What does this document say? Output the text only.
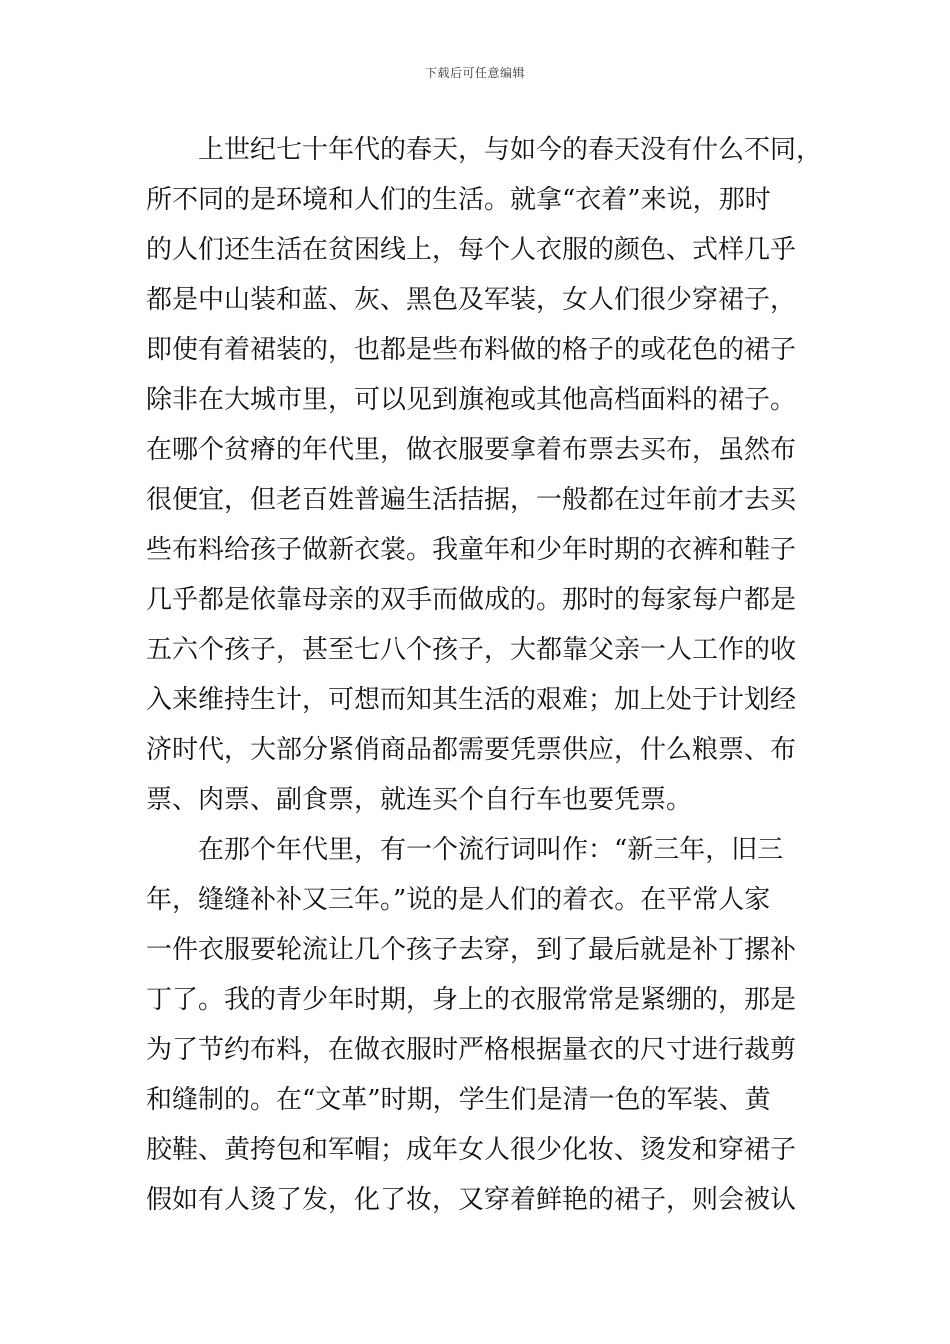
下载后可任意编辑
上世纪七十年代的春天，与如今的春天没有什么不同，
所不同的是环境和人们的生活。就拿“衣着”来说，那时
的人们还生活在贫困线上，每个人衣服的颜色、式样几乎
都是中山装和蓝、灰、黑色及军装，女人们很少穿裙子，
即使有着裙装的，也都是些布料做的格子的或花色的裙子
除非在大城市里，可以见到旗袍或其他高档面料的裙子。
在哪个贫瘠的年代里，做衣服要拿着布票去买布，虽然布
很便宜，但老百姓普遍生活拮据，一般都在过年前才去买
些布料给孩子做新衣裳。我童年和少年时期的衣裤和鞋子
几乎都是依靠母亲的双手而做成的。那时的每家每户都是
五六个孩子，甚至七八个孩子，大都靠父亲一人工作的收
入来维持生计，可想而知其生活的艰难；加上处于计划经
济时代，大部分紧俏商品都需要凭票供应，什么粮票、布
票、肉票、副食票，就连买个自行车也要凭票。
在那个年代里，有一个流行词叫作：“新三年，旧三
年，缝缝补补又三年。”说的是人们的着衣。在平常人家
一件衣服要轮流让几个孩子去穿，到了最后就是补丁摞补
丁了。我的青少年时期，身上的衣服常常是紧绷的，那是
为了节约布料，在做衣服时严格根据量衣的尺寸进行裁剪
和缝制的。在“文革”时期，学生们是清一色的军装、黄
胶鞋、黄挎包和军帽；成年女人很少化妆、烫发和穿裙子
假如有人烫了发，化了妆，又穿着鲜艳的裙子，则会被认
